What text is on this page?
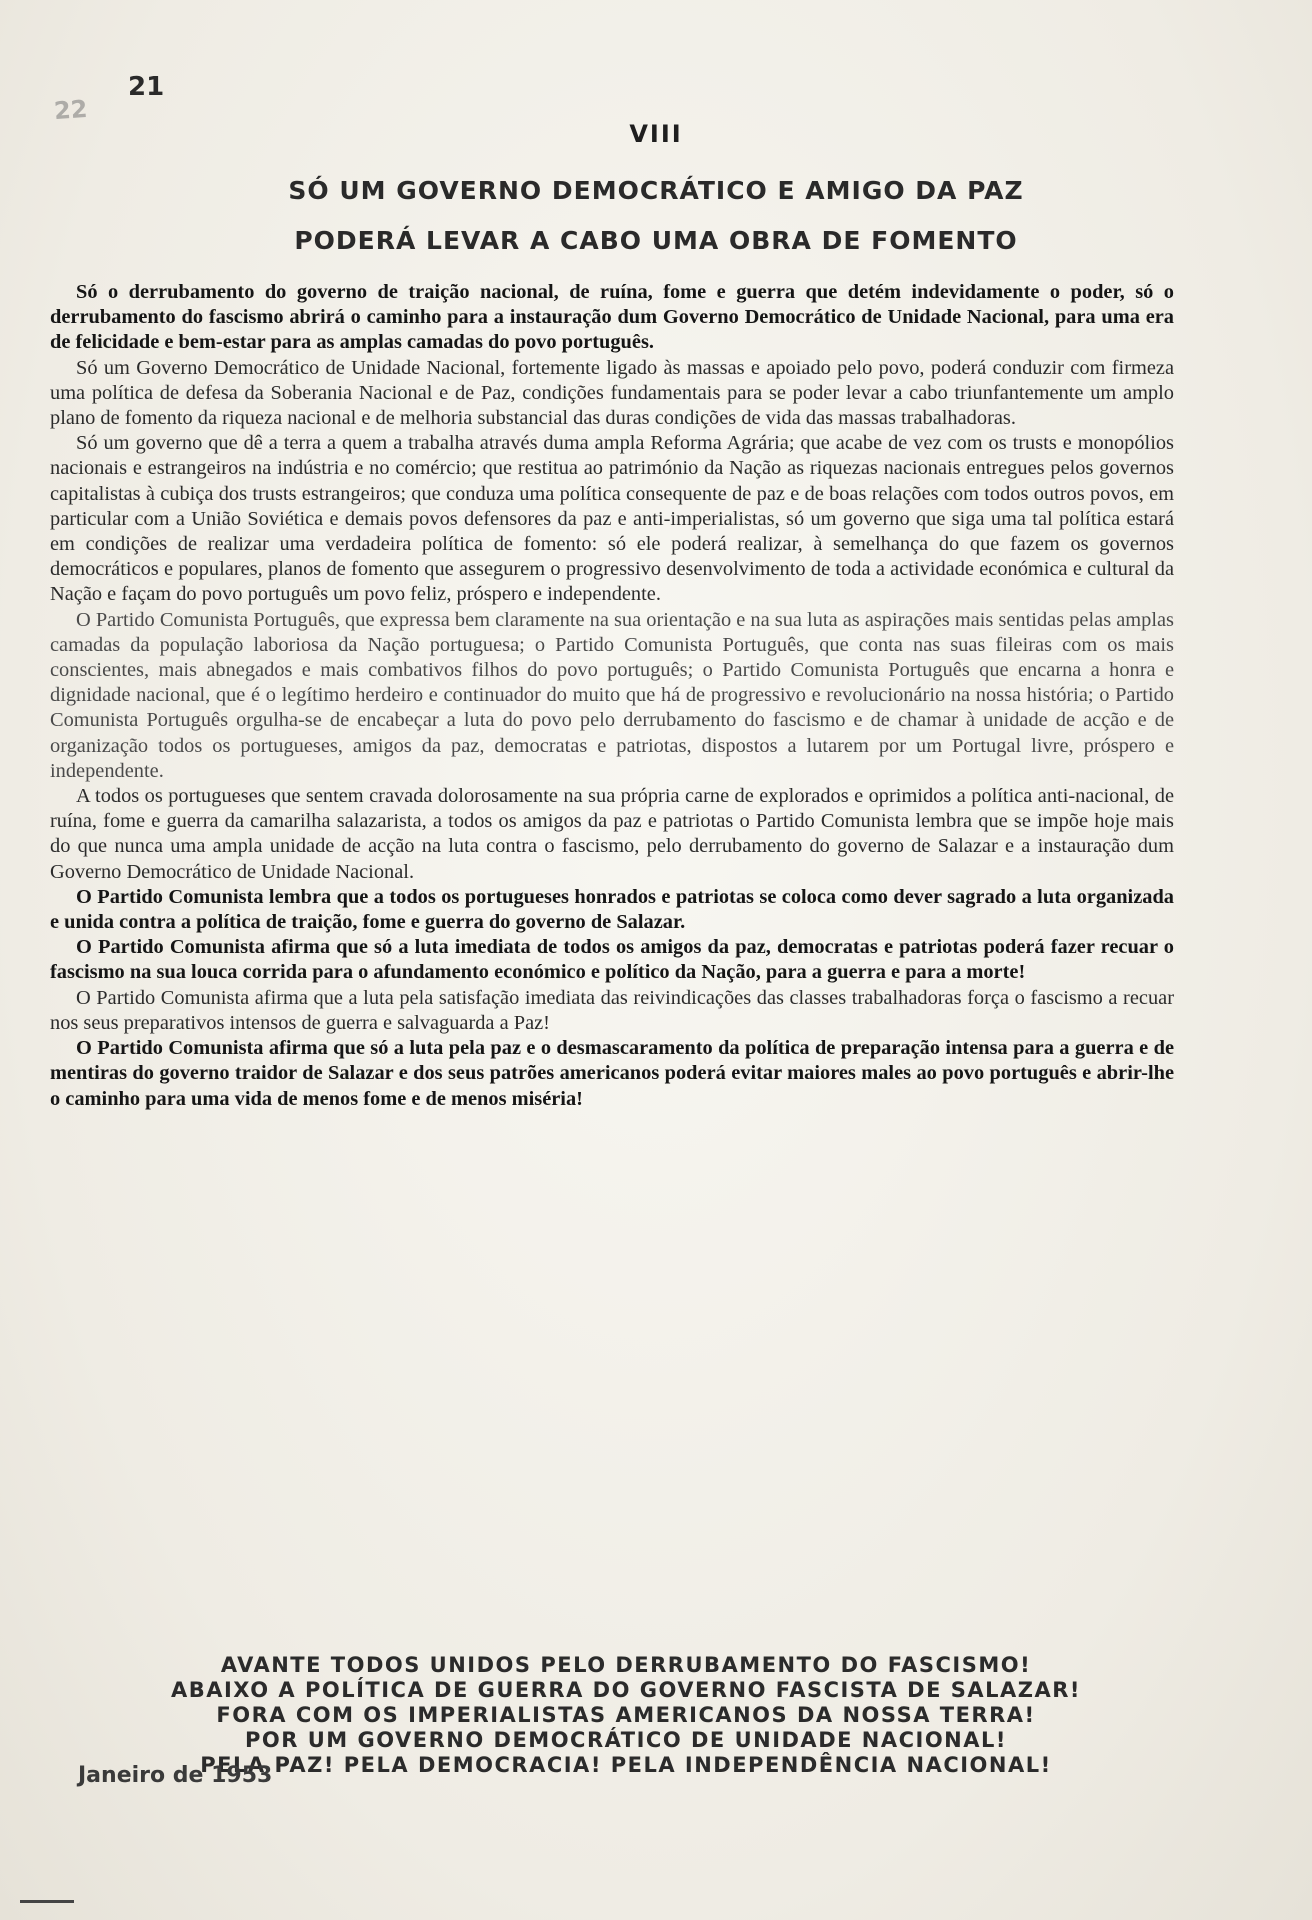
21
22
VIII
SÓ UM GOVERNO DEMOCRÁTICO E AMIGO DA PAZ
PODERÁ LEVAR A CABO UMA OBRA DE FOMENTO

Só o derrubamento do governo de traição nacional, de ruína, fome e guerra que detém indevidamente o poder, só o derrubamento do fascismo abrirá o caminho para a instauração dum Governo Democrático de Unidade Nacional, para uma era de felicidade e bem-estar para as amplas camadas do povo português.

Só um Governo Democrático de Unidade Nacional, fortemente ligado às massas e apoiado pelo povo, poderá conduzir com firmeza uma política de defesa da Soberania Nacional e de Paz, condições fundamentais para se poder levar a cabo triunfantemente um amplo plano de fomento da riqueza nacional e de melhoria substancial das duras condições de vida das massas trabalhadoras.

Só um governo que dê a terra a quem a trabalha através duma ampla Reforma Agrária; que acabe de vez com os trusts e monopólios nacionais e estrangeiros na indústria e no comércio; que restitua ao património da Nação as riquezas nacionais entregues pelos governos capitalistas à cubiça dos trusts estrangeiros; que conduza uma política consequente de paz e de boas relações com todos outros povos, em particular com a União Soviética e demais povos defensores da paz e anti-imperialistas, só um governo que siga uma tal política estará em condições de realizar uma verdadeira política de fomento: só ele poderá realizar, à semelhança do que fazem os governos democráticos e populares, planos de fomento que assegurem o progressivo desenvolvimento de toda a actividade económica e cultural da Nação e façam do povo português um povo feliz, próspero e independente.

O Partido Comunista Português, que expressa bem claramente na sua orientação e na sua luta as aspirações mais sentidas pelas amplas camadas da população laboriosa da Nação portuguesa; o Partido Comunista Português, que conta nas suas fileiras com os mais conscientes, mais abnegados e mais combativos filhos do povo português; o Partido Comunista Português que encarna a honra e dignidade nacional, que é o legítimo herdeiro e continuador do muito que há de progressivo e revolucionário na nossa história; o Partido Comunista Português orgulha-se de encabeçar a luta do povo pelo derrubamento do fascismo e de chamar à unidade de acção e de organização todos os portugueses, amigos da paz, democratas e patriotas, dispostos a lutarem por um Portugal livre, próspero e independente.

A todos os portugueses que sentem cravada dolorosamente na sua própria carne de explorados e oprimidos a política anti-nacional, de ruína, fome e guerra da camarilha salazarista, a todos os amigos da paz e patriotas o Partido Comunista lembra que se impõe hoje mais do que nunca uma ampla unidade de acção na luta contra o fascismo, pelo derrubamento do governo de Salazar e a instauração dum Governo Democrático de Unidade Nacional.

O Partido Comunista lembra que a todos os portugueses honrados e patriotas se coloca como dever sagrado a luta organizada e unida contra a política de traição, fome e guerra do governo de Salazar.

O Partido Comunista afirma que só a luta imediata de todos os amigos da paz, democratas e patriotas poderá fazer recuar o fascismo na sua louca corrida para o afundamento económico e político da Nação, para a guerra e para a morte!

O Partido Comunista afirma que a luta pela satisfação imediata das reivindicações das classes trabalhadoras força o fascismo a recuar nos seus preparativos intensos de guerra e salvaguarda a Paz!

O Partido Comunista afirma que só a luta pela paz e o desmascaramento da política de preparação intensa para a guerra e de mentiras do governo traidor de Salazar e dos seus patrões americanos poderá evitar maiores males ao povo português e abrir-lhe o caminho para uma vida de menos fome e de menos miséria!

AVANTE TODOS UNIDOS PELO DERRUBAMENTO DO FASCISMO!
ABAIXO A POLÍTICA DE GUERRA DO GOVERNO FASCISTA DE SALAZAR!
FORA COM OS IMPERIALISTAS AMERICANOS DA NOSSA TERRA!
POR UM GOVERNO DEMOCRÁTICO DE UNIDADE NACIONAL!
PELA PAZ! PELA DEMOCRACIA! PELA INDEPENDÊNCIA NACIONAL!
Janeiro de 1953
